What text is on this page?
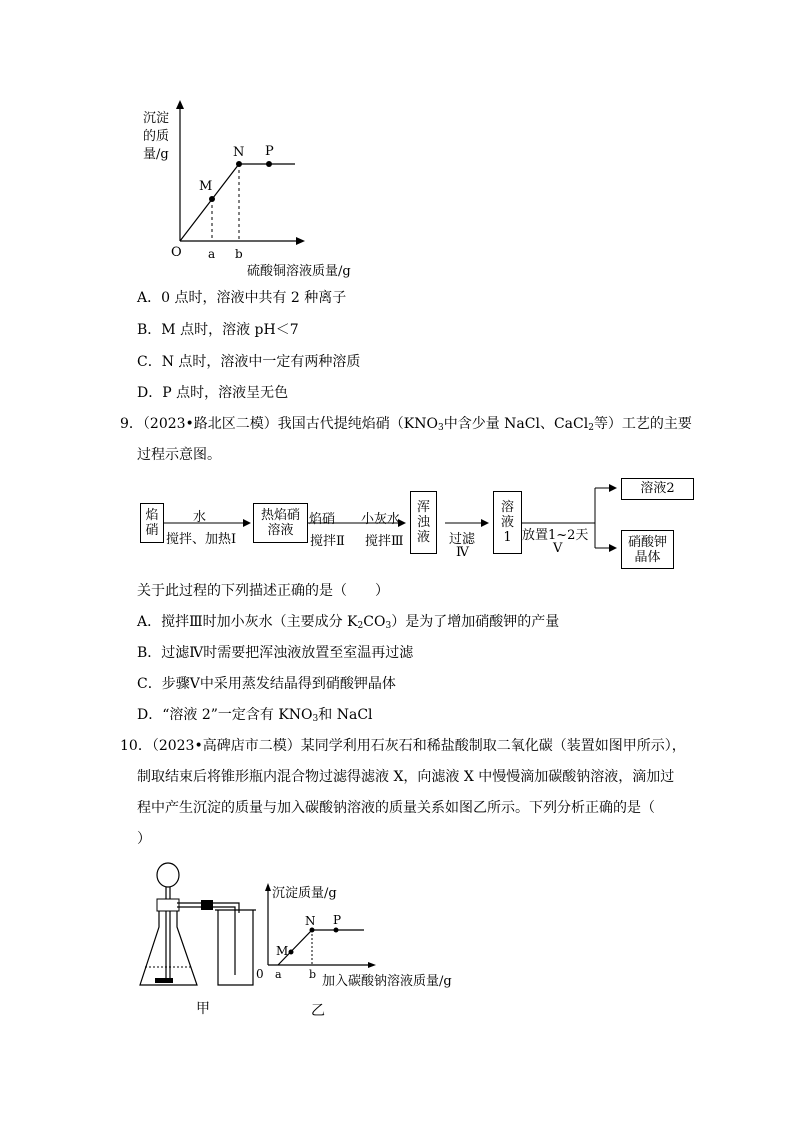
沉淀
的质
量/g
O a b
M
N P
硫酸铜溶液质量/g
A．0 点时，溶液中共有 2 种离子
B．M 点时，溶液 pH＜7
C．N 点时，溶液中一定有两种溶质
D．P 点时，溶液呈无色
9．（2023•路北区二模）我国古代提纯焰硝（$KNO_3$中含少量 NaCl、CaCl$_2$等）工艺的主要
过程示意图。
焰
硝
水
搅拌、加热Ⅰ
热焰硝
溶液
焰硝
搅拌Ⅱ
小灰水
搅拌Ⅲ
浑
浊
液 过滤
Ⅳ
溶
液
1 放置1~2天
Ⅴ
溶液2
硝酸钾
晶体
关于此过程的下列描述正确的是（　　）
A．搅拌Ⅲ时加小灰水（主要成分 $K_2CO_3$）是为了增加硝酸钾的产量
B．过滤Ⅳ时需要把浑浊液放置至室温再过滤
C．步骤Ⅴ中采用蒸发结晶得到硝酸钾晶体
D．“溶液 2”一定含有 $KNO_3$和 NaCl
10．（2023•高碑店市二模）某同学利用石灰石和稀盐酸制取二氧化碳（装置如图甲所示），
制取结束后将锥形瓶内混合物过滤得滤液 X，向滤液 X 中慢慢滴加碳酸钠溶液，滴加过
程中产生沉淀的质量与加入碳酸钠溶液的质量关系如图乙所示。下列分析正确的是（
）
甲
沉淀质量/g
0 a b
M
N P
加入碳酸钠溶液质量/g
乙
